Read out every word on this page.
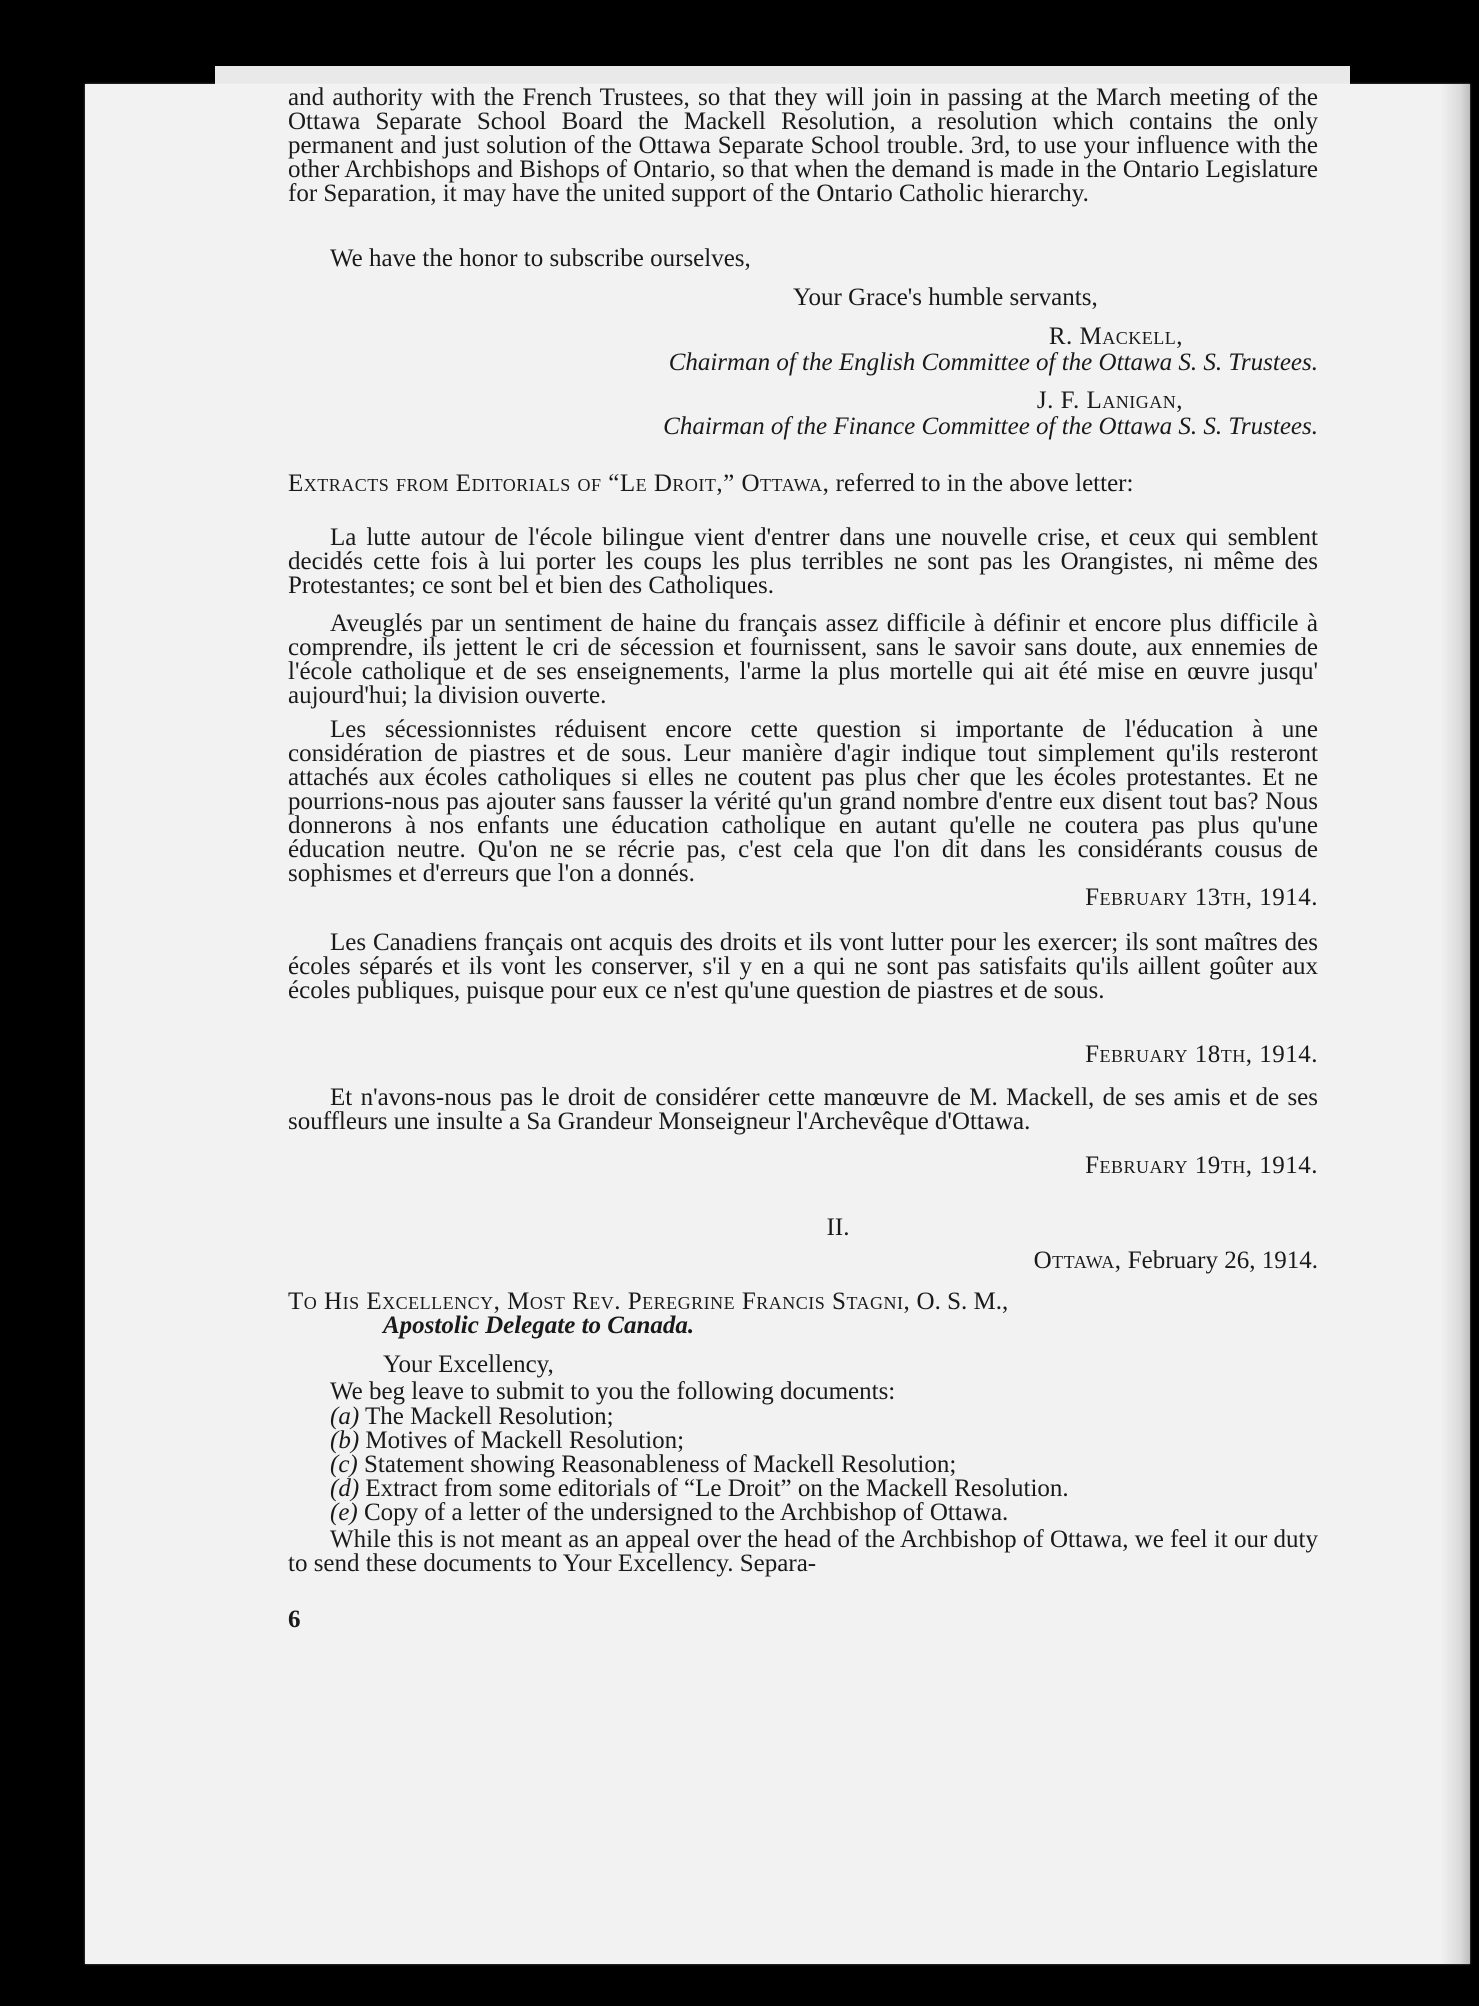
and authority with the French Trustees, so that they will join in passing at the March meeting of the Ottawa Separate School Board the Mackell Resolution, a resolution which contains the only permanent and just solution of the Ottawa Separate School trouble. 3rd, to use your influence with the other Archbishops and Bishops of Ontario, so that when the demand is made in the Ontario Legislature for Separation, it may have the united support of the Ontario Catholic hierarchy.

We have the honor to subscribe ourselves,

Your Grace's humble servants,

R. Mackell,

Chairman of the English Committee of the Ottawa S. S. Trustees.

J. F. Lanigan,

Chairman of the Finance Committee of the Ottawa S. S. Trustees.

Extracts from Editorials of “Le Droit,” Ottawa, referred to in the above letter:

La lutte autour de l'école bilingue vient d'entrer dans une nouvelle crise, et ceux qui semblent decidés cette fois à lui porter les coups les plus terribles ne sont pas les Orangistes, ni même des Protestantes; ce sont bel et bien des Catholiques.

Aveuglés par un sentiment de haine du français assez difficile à définir et encore plus difficile à comprendre, ils jettent le cri de sécession et fournissent, sans le savoir sans doute, aux ennemies de l'école catholique et de ses enseignements, l'arme la plus mortelle qui ait été mise en œuvre jusqu' aujourd'hui; la division ouverte.

Les sécessionnistes réduisent encore cette question si importante de l'éducation à une considération de piastres et de sous. Leur manière d'agir indique tout simplement qu'ils resteront attachés aux écoles catholiques si elles ne coutent pas plus cher que les écoles protestantes. Et ne pourrions-nous pas ajouter sans fausser la vérité qu'un grand nombre d'entre eux disent tout bas? Nous donnerons à nos enfants une éducation catholique en autant qu'elle ne coutera pas plus qu'une éducation neutre. Qu'on ne se récrie pas, c'est cela que l'on dit dans les considérants cousus de sophismes et d'erreurs que l'on a donnés.

February 13th, 1914.

Les Canadiens français ont acquis des droits et ils vont lutter pour les exercer; ils sont maîtres des écoles séparés et ils vont les conserver, s'il y en a qui ne sont pas satisfaits qu'ils aillent goûter aux écoles publiques, puisque pour eux ce n'est qu'une question de piastres et de sous.

February 18th, 1914.

Et n'avons-nous pas le droit de considérer cette manœuvre de M. Mackell, de ses amis et de ses souffleurs une insulte a Sa Grandeur Monseigneur l'Archevêque d'Ottawa.

February 19th, 1914.

II.

Ottawa, February 26, 1914.

To His Excellency, Most Rev. Peregrine Francis Stagni, O. S. M.,

Apostolic Delegate to Canada.

Your Excellency,

We beg leave to submit to you the following documents:

(a) The Mackell Resolution;

(b) Motives of Mackell Resolution;

(c) Statement showing Reasonableness of Mackell Resolution;

(d) Extract from some editorials of “Le Droit” on the Mackell Resolution.

(e) Copy of a letter of the undersigned to the Archbishop of Ottawa.

While this is not meant as an appeal over the head of the Archbishop of Ottawa, we feel it our duty to send these documents to Your Excellency. Separa-

6
